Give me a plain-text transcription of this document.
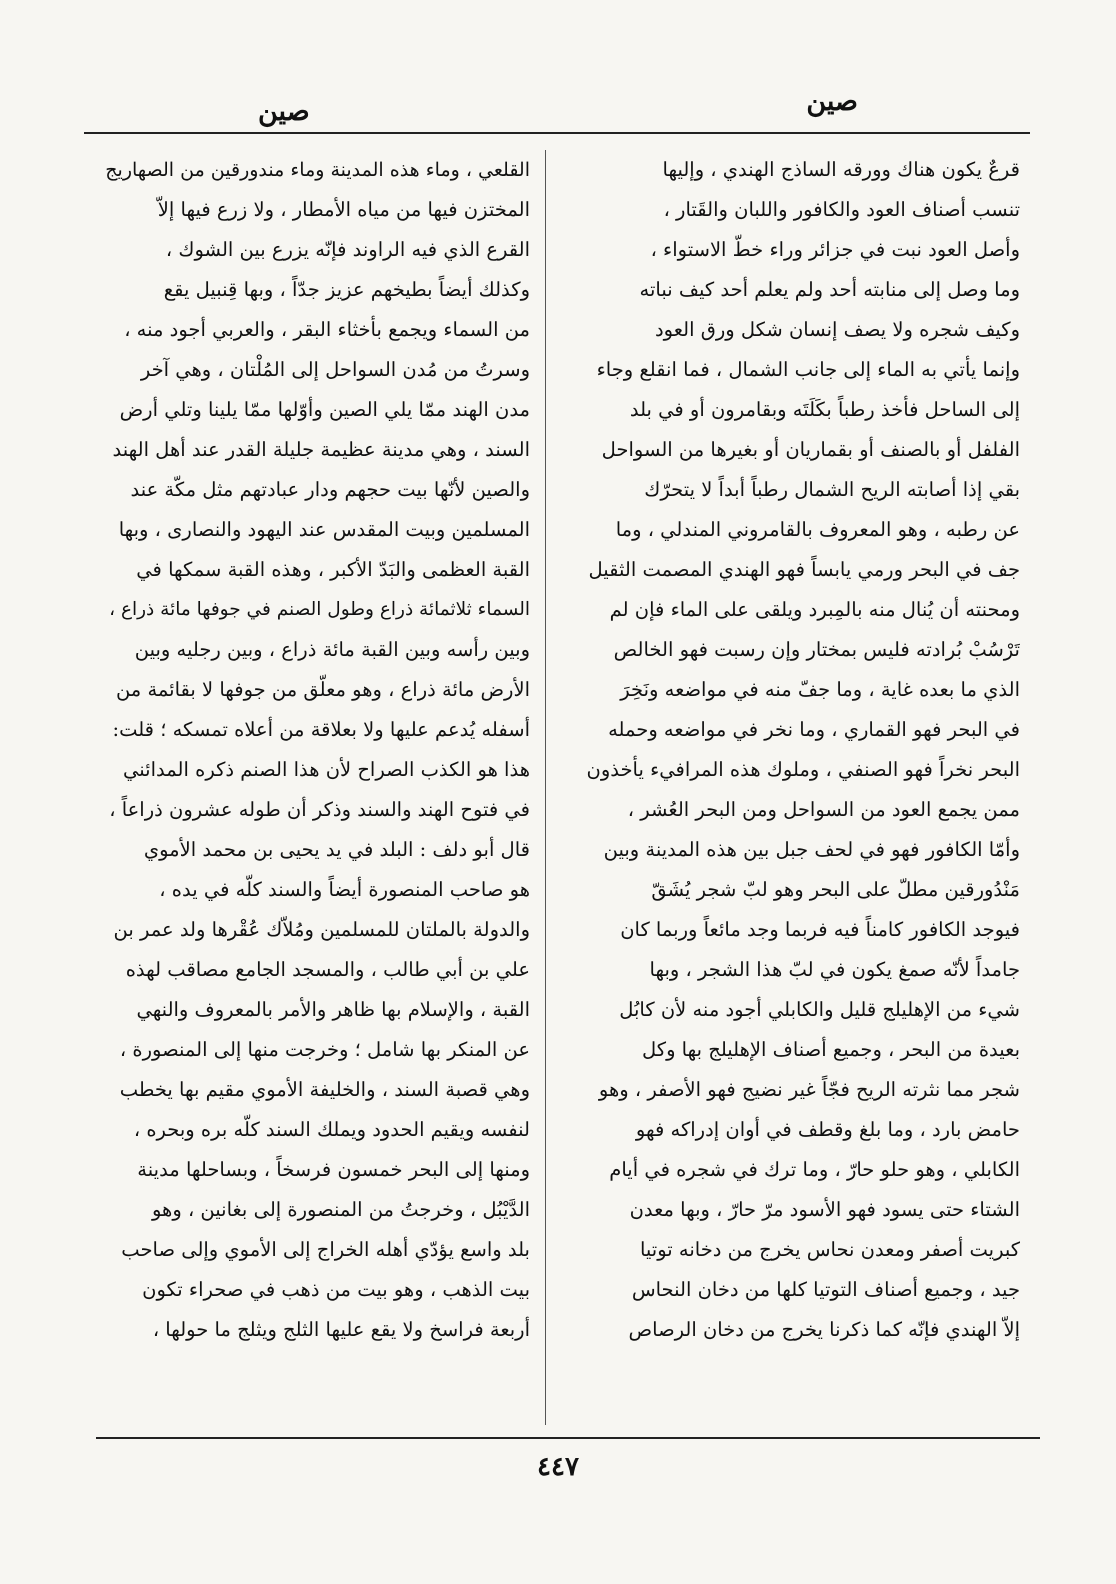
صين
صين
قرعٌ يكون هناك وورقه الساذج الهندي ، وإليها
تنسب أصناف العود والكافور واللبان والقَتار ،
وأصل العود نبت في جزائر وراء خطّ الاستواء ،
وما وصل إلى منابته أحد ولم يعلم أحد كيف نباته
وكيف شجره ولا يصف إنسان شكل ورق العود
وإنما يأتي به الماء إلى جانب الشمال ، فما انقلع وجاء
إلى الساحل فأخذ رطباً بكَلَتَه وبقامرون أو في بلد
الفلفل أو بالصنف أو بقماريان أو بغيرها من السواحل
بقي إذا أصابته الريح الشمال رطباً أبداً لا يتحرّك
عن رطبه ، وهو المعروف بالقامروني المندلي ، وما
جف في البحر ورمي يابساً فهو الهندي المصمت الثقيل
ومحنته أن يُنال منه بالمِبرد ويلقى على الماء فإن لم
تَرْسُبْ بُرادته فليس بمختار وإن رسبت فهو الخالص
الذي ما بعده غاية ، وما جفّ منه في مواضعه ونَخِرَ
في البحر فهو القماري ، وما نخر في مواضعه وحمله
البحر نخراً فهو الصنفي ، وملوك هذه المرافيء يأخذون
ممن يجمع العود من السواحل ومن البحر العُشر ،
وأمّا الكافور فهو في لحف جبل بين هذه المدينة وبين
مَنْدُورقين مطلّ على البحر وهو لبّ شجر يُشَقّ
فيوجد الكافور كامناً فيه فربما وجد مائعاً وربما كان
جامداً لأنّه صمغ يكون في لبّ هذا الشجر ، وبها
شيء من الإهليلج قليل والكابلي أجود منه لأن كابُل
بعيدة من البحر ، وجميع أصناف الإهليلج بها وكل
شجر مما نثرته الريح فجّاً غير نضيج فهو الأصفر ، وهو
حامض بارد ، وما بلغ وقطف في أوان إدراكه فهو
الكابلي ، وهو حلو حارّ ، وما ترك في شجره في أيام
الشتاء حتى يسود فهو الأسود مرّ حارّ ، وبها معدن
كبريت أصفر ومعدن نحاس يخرج من دخانه توتيا
جيد ، وجميع أصناف التوتيا كلها من دخان النحاس
إلاّ الهندي فإنّه كما ذكرنا يخرج من دخان الرصاص
القلعي ، وماء هذه المدينة وماء مندورقين من الصهاريج
المختزن فيها من مياه الأمطار ، ولا زرع فيها إلاّ
القرع الذي فيه الراوند فإنّه يزرع بين الشوك ،
وكذلك أيضاً بطيخهم عزيز جدّاً ، وبها قِنبيل يقع
من السماء ويجمع بأخثاء البقر ، والعربي أجود منه ،
وسرتُ من مُدن السواحل إلى المُلْتان ، وهي آخر
مدن الهند ممّا يلي الصين وأوّلها ممّا يلينا وتلي أرض
السند ، وهي مدينة عظيمة جليلة القدر عند أهل الهند
والصين لأنّها بيت حجهم ودار عبادتهم مثل مكّة عند
المسلمين وبيت المقدس عند اليهود والنصارى ، وبها
القبة العظمى والبَدّ الأكبر ، وهذه القبة سمكها في
السماء ثلاثمائة ذراع وطول الصنم في جوفها مائة ذراع ،
وبين رأسه وبين القبة مائة ذراع ، وبين رجليه وبين
الأرض مائة ذراع ، وهو معلّق من جوفها لا بقائمة من
أسفله يُدعم عليها ولا بعلاقة من أعلاه تمسكه ؛ قلت:
هذا هو الكذب الصراح لأن هذا الصنم ذكره المدائني
في فتوح الهند والسند وذكر أن طوله عشرون ذراعاً ،
قال أبو دلف : البلد في يد يحيى بن محمد الأموي
هو صاحب المنصورة أيضاً والسند كلّه في يده ،
والدولة بالملتان للمسلمين ومُلاّك عُقْرها ولد عمر بن
علي بن أبي طالب ، والمسجد الجامع مصاقب لهذه
القبة ، والإسلام بها ظاهر والأمر بالمعروف والنهي
عن المنكر بها شامل ؛ وخرجت منها إلى المنصورة ،
وهي قصبة السند ، والخليفة الأموي مقيم بها يخطب
لنفسه ويقيم الحدود ويملك السند كلّه بره وبحره ،
ومنها إلى البحر خمسون فرسخاً ، وبساحلها مدينة
الدَّيْبُل ، وخرجتُ من المنصورة إلى بغانين ، وهو
بلد واسع يؤدّي أهله الخراج إلى الأموي وإلى صاحب
بيت الذهب ، وهو بيت من ذهب في صحراء تكون
أربعة فراسخ ولا يقع عليها الثلج ويثلج ما حولها ،
٤٤٧
